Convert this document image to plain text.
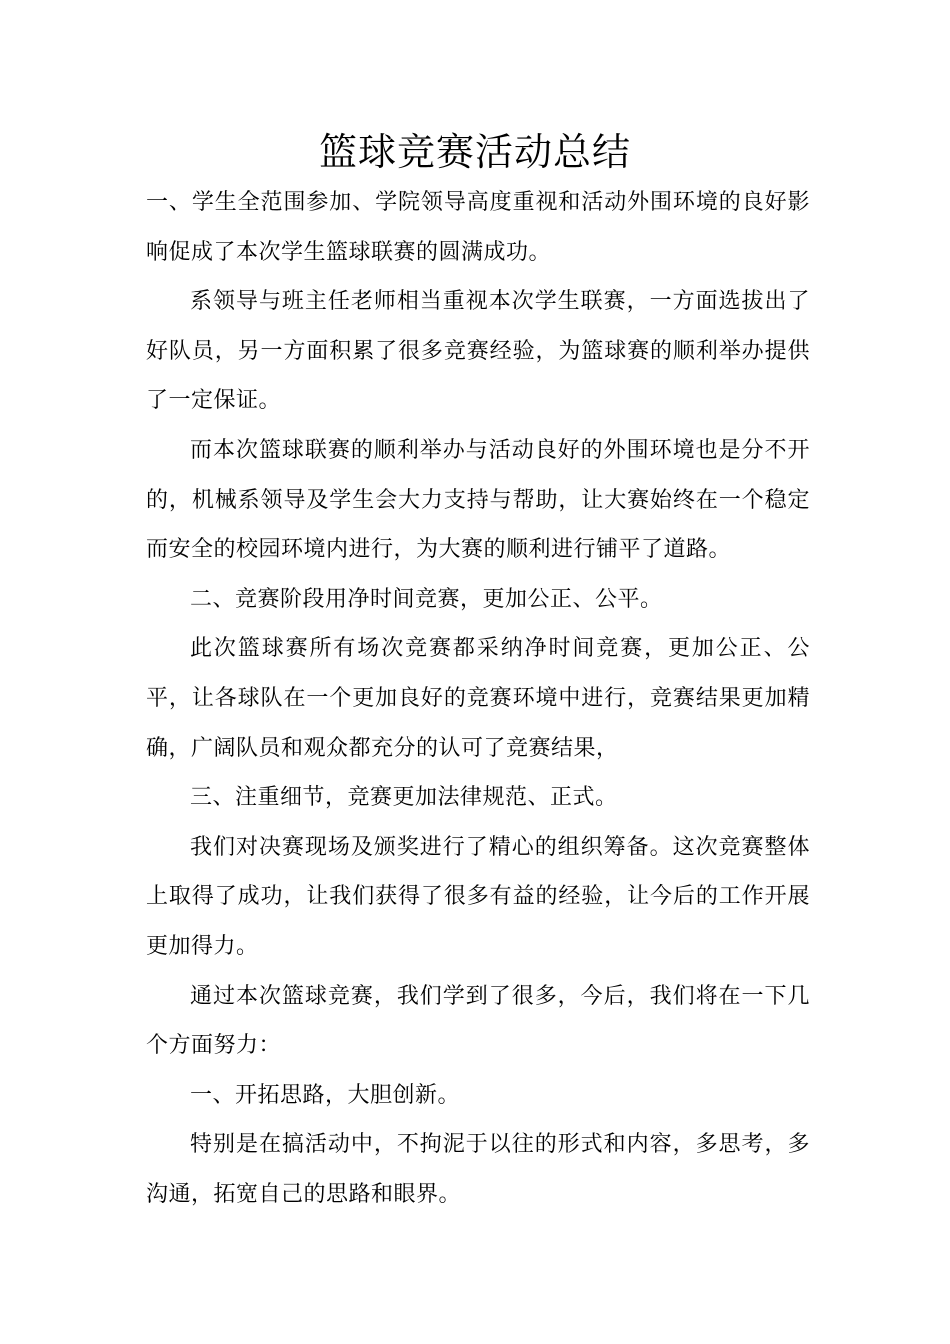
篮球竞赛活动总结

一、学生全范围参加、学院领导高度重视和活动外围环境的良好影响促成了本次学生篮球联赛的圆满成功。

系领导与班主任老师相当重视本次学生联赛，一方面选拔出了好队员，另一方面积累了很多竞赛经验，为篮球赛的顺利举办提供了一定保证。

而本次篮球联赛的顺利举办与活动良好的外围环境也是分不开的，机械系领导及学生会大力支持与帮助，让大赛始终在一个稳定而安全的校园环境内进行，为大赛的顺利进行铺平了道路。

二、竞赛阶段用净时间竞赛，更加公正、公平。

此次篮球赛所有场次竞赛都采纳净时间竞赛，更加公正、公平，让各球队在一个更加良好的竞赛环境中进行，竞赛结果更加精确，广阔队员和观众都充分的认可了竞赛结果，

三、注重细节，竞赛更加法律规范、正式。

我们对决赛现场及颁奖进行了精心的组织筹备。这次竞赛整体上取得了成功，让我们获得了很多有益的经验，让今后的工作开展更加得力。

通过本次篮球竞赛，我们学到了很多，今后，我们将在一下几个方面努力：

一、开拓思路，大胆创新。

特别是在搞活动中，不拘泥于以往的形式和内容，多思考，多沟通，拓宽自己的思路和眼界。
